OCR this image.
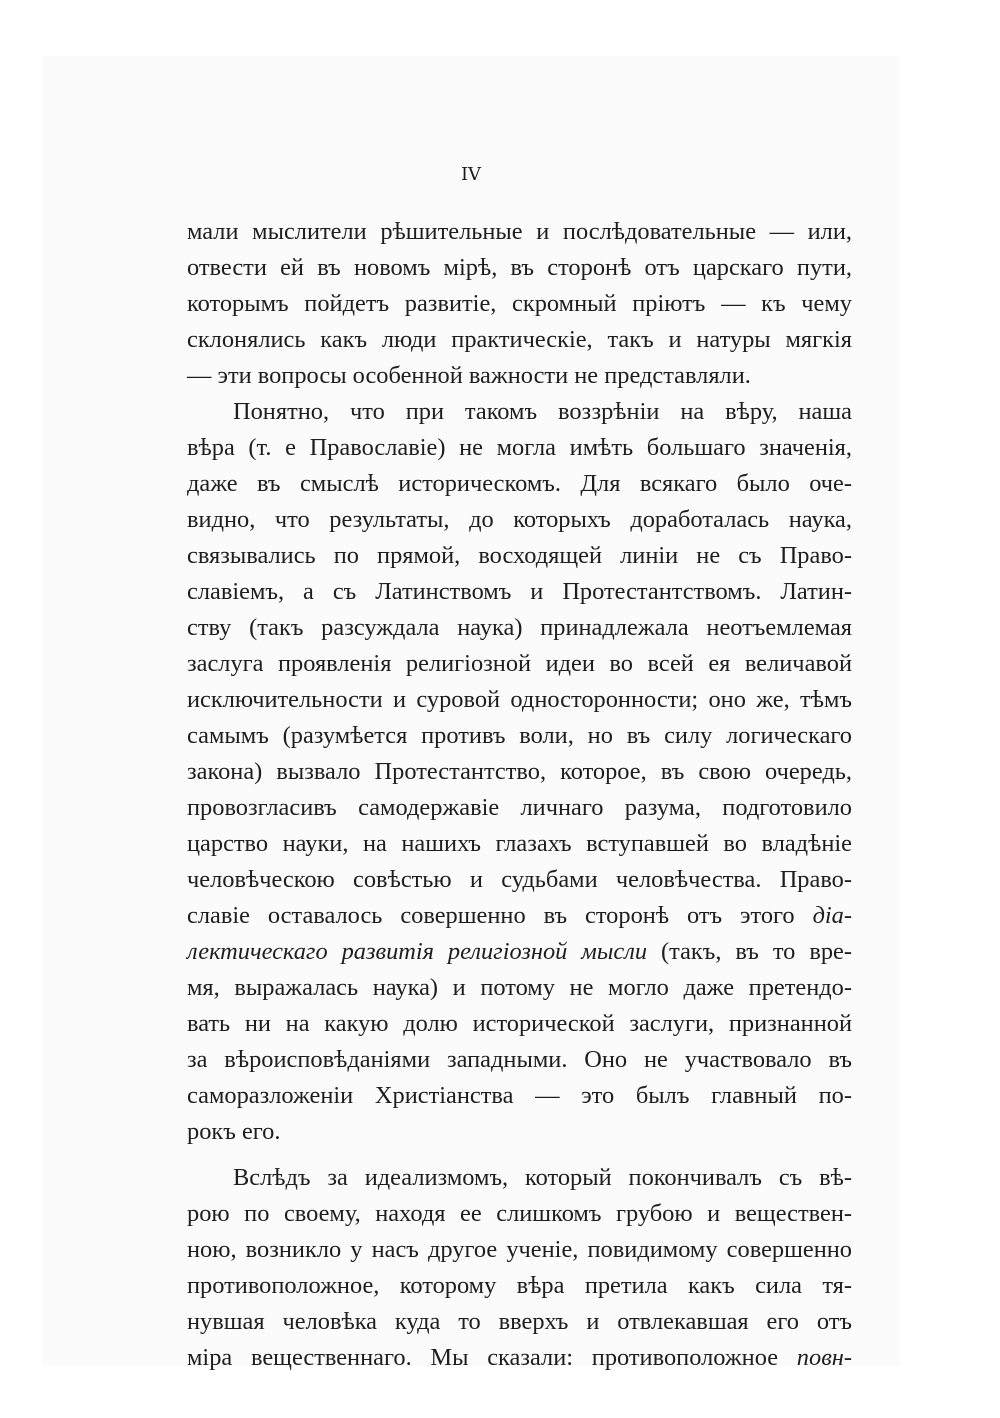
IV
мали мыслители рѣшительные и послѣдовательные — или,
отвести ей въ новомъ мірѣ, въ сторонѣ отъ царскаго пути,
которымъ пойдетъ развитіе, скромный пріютъ — къ чему
склонялись какъ люди практическіе, такъ и натуры мягкія
— эти вопросы особенной важности не представляли.
Понятно, что при такомъ воззрѣніи на вѣру, наша
вѣра (т. е Православіе) не могла имѣть большаго значенія,
даже въ смыслѣ историческомъ. Для всякаго было оче-
видно, что результаты, до которыхъ доработалась наука,
связывались по прямой, восходящей линіи не съ Право-
славіемъ, а съ Латинствомъ и Протестантствомъ. Латин-
ству (такъ разсуждала наука) принадлежала неотъемлемая
заслуга проявленія религіозной идеи во всей ея величавой
исключительности и суровой односторонности; оно же, тѣмъ
самымъ (разумѣется противъ воли, но въ силу логическаго
закона) вызвало Протестантство, которое, въ свою очередь,
провозгласивъ самодержавіе личнаго разума, подготовило
царство науки, на нашихъ глазахъ вступавшей во владѣніе
человѣческою совѣстью и судьбами человѣчества. Право-
славіе оставалось совершенно въ сторонѣ отъ этого діа-
лектическаго развитія религіозной мысли (такъ, въ то вре-
мя, выражалась наука) и потому не могло даже претендо-
вать ни на какую долю исторической заслуги, признанной
за вѣроисповѣданіями западными. Оно не участвовало въ
саморазложеніи Христіанства — это былъ главный по-
рокъ его.
Вслѣдъ за идеализмомъ, который покончивалъ съ вѣ-
рою по своему, находя ее слишкомъ грубою и веществен-
ною, возникло у насъ другое ученіе, повидимому совершенно
противоположное, которому вѣра претила какъ сила тя-
нувшая человѣка куда то вверхъ и отвлекавшая его отъ
міра вещественнаго. Мы сказали: противоположное повн-
